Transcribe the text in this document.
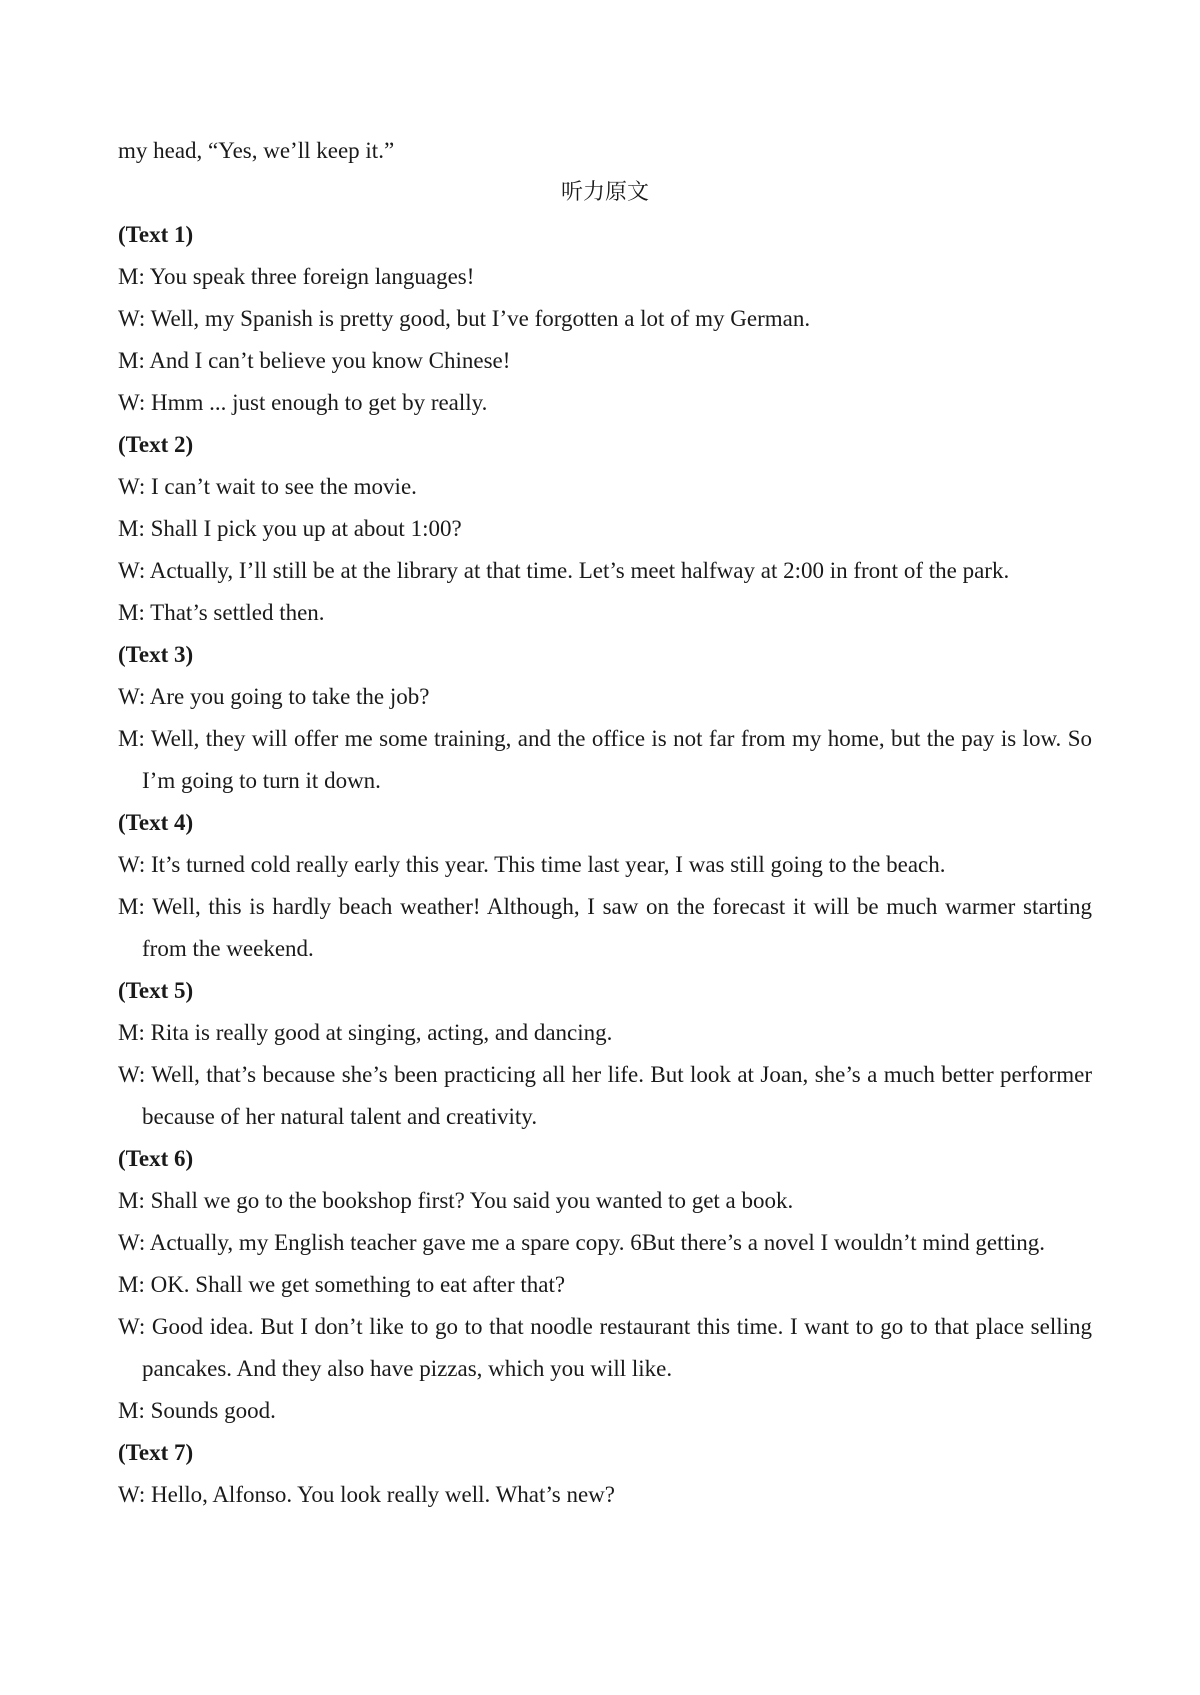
my head, “Yes, we’ll keep it.”

听力原文

(Text 1)

M: You speak three foreign languages!

W: Well, my Spanish is pretty good, but I’ve forgotten a lot of my German.

M: And I can’t believe you know Chinese!

W: Hmm ... just enough to get by really.

(Text 2)

W: I can’t wait to see the movie.

M: Shall I pick you up at about 1:00?

W: Actually, I’ll still be at the library at that time. Let’s meet halfway at 2:00 in front of the park.

M: That’s settled then.

(Text 3)

W: Are you going to take the job?

M: Well, they will offer me some training, and the office is not far from my home, but the pay is low. So I’m going to turn it down.

(Text 4)

W: It’s turned cold really early this year. This time last year, I was still going to the beach.

M: Well, this is hardly beach weather! Although, I saw on the forecast it will be much warmer starting from the weekend.

(Text 5)

M: Rita is really good at singing, acting, and dancing.

W: Well, that’s because she’s been practicing all her life. But look at Joan, she’s a much better performer because of her natural talent and creativity.

(Text 6)

M: Shall we go to the bookshop first? You said you wanted to get a book.

W: Actually, my English teacher gave me a spare copy. 6But there’s a novel I wouldn’t mind getting.

M: OK. Shall we get something to eat after that?

W: Good idea. But I don’t like to go to that noodle restaurant this time. I want to go to that place selling pancakes. And they also have pizzas, which you will like.

M: Sounds good.

(Text 7)

W: Hello, Alfonso. You look really well. What’s new?
